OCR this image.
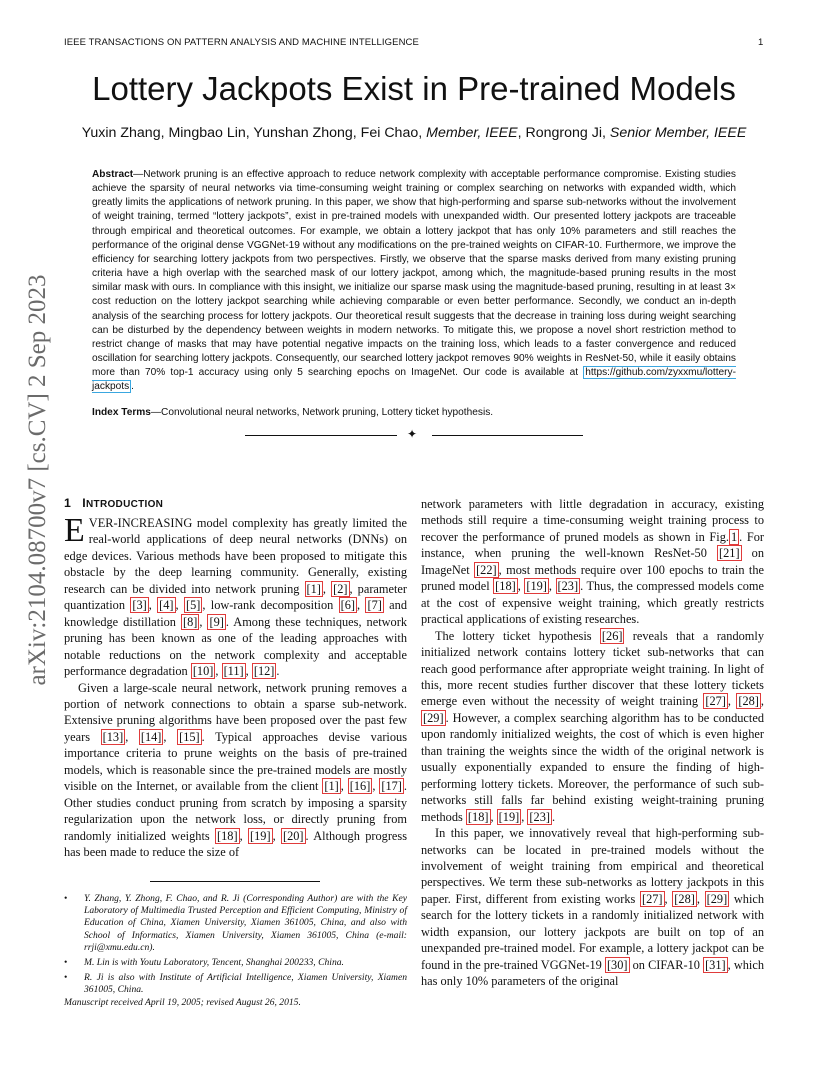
IEEE TRANSACTIONS ON PATTERN ANALYSIS AND MACHINE INTELLIGENCE	1
Lottery Jackpots Exist in Pre-trained Models
Yuxin Zhang, Mingbao Lin, Yunshan Zhong, Fei Chao, Member, IEEE, Rongrong Ji, Senior Member, IEEE
Abstract—Network pruning is an effective approach to reduce network complexity with acceptable performance compromise. Existing studies achieve the sparsity of neural networks via time-consuming weight training or complex searching on networks with expanded width, which greatly limits the applications of network pruning. In this paper, we show that high-performing and sparse sub-networks without the involvement of weight training, termed “lottery jackpots”, exist in pre-trained models with unexpanded width. Our presented lottery jackpots are traceable through empirical and theoretical outcomes. For example, we obtain a lottery jackpot that has only 10% parameters and still reaches the performance of the original dense VGGNet-19 without any modifications on the pre-trained weights on CIFAR-10. Furthermore, we improve the efficiency for searching lottery jackpots from two perspectives. Firstly, we observe that the sparse masks derived from many existing pruning criteria have a high overlap with the searched mask of our lottery jackpot, among which, the magnitude-based pruning results in the most similar mask with ours. In compliance with this insight, we initialize our sparse mask using the magnitude-based pruning, resulting in at least 3× cost reduction on the lottery jackpot searching while achieving comparable or even better performance. Secondly, we conduct an in-depth analysis of the searching process for lottery jackpots. Our theoretical result suggests that the decrease in training loss during weight searching can be disturbed by the dependency between weights in modern networks. To mitigate this, we propose a novel short restriction method to restrict change of masks that may have potential negative impacts on the training loss, which leads to a faster convergence and reduced oscillation for searching lottery jackpots. Consequently, our searched lottery jackpot removes 90% weights in ResNet-50, while it easily obtains more than 70% top-1 accuracy using only 5 searching epochs on ImageNet. Our code is available at https://github.com/zyxxmu/lottery-jackpots .
Index Terms—Convolutional neural networks, Network pruning, Lottery ticket hypothesis.
✦
arXiv:2104.08700v7 [cs.CV] 2 Sep 2023 1 INTRODUCTION

EVER-INCREASING model complexity has greatly limited the real-world applications of deep neural networks (DNNs) on edge devices. Various methods have been proposed to mitigate this obstacle by the deep learning community. Generally, existing research can be divided into network pruning [1] , [2] , parameter quantization [3] , [4] , [5] , low-rank decomposition [6] , [7] and knowledge distillation [8] , [9] . Among these techniques, network pruning has been known as one of the leading approaches with notable reductions on the network complexity and acceptable performance degradation [10] , [11] , [12] .

Given a large-scale neural network, network pruning removes a portion of network connections to obtain a sparse sub-network. Extensive pruning algorithms have been proposed over the past few years [13] , [14] , [15] . Typical approaches devise various importance criteria to prune weights on the basis of pre-trained models, which is reasonable since the pre-trained models are mostly visible on the Internet, or available from the client [1] , [16] , [17] . Other studies conduct pruning from scratch by imposing a sparsity regularization upon the network loss, or directly pruning from randomly initialized weights [18] , [19] , [20] . Although progress has been made to reduce the size of

• Y. Zhang, Y. Zhong, F. Chao, and R. Ji (Corresponding Author) are with the Key Laboratory of Multimedia Trusted Perception and Efficient Computing, Ministry of Education of China, Xiamen University, Xiamen 361005, China, and also with School of Informatics, Xiamen University, Xiamen 361005, China (e-mail: rrji@xmu.edu.cn).
• M. Lin is with Youtu Laboratory, Tencent, Shanghai 200233, China.
• R. Ji is also with Institute of Artificial Intelligence, Xiamen University, Xiamen 361005, China.
Manuscript received April 19, 2005; revised August 26, 2015.

network parameters with little degradation in accuracy, existing methods still require a time-consuming weight training process to recover the performance of pruned models as shown in Fig. 1 . For instance, when pruning the well-known ResNet-50 [21] on ImageNet [22] , most methods require over 100 epochs to train the pruned model [18] , [19] , [23] . Thus, the compressed models come at the cost of expensive weight training, which greatly restricts practical applications of existing researches.

The lottery ticket hypothesis [26] reveals that a randomly initialized network contains lottery ticket sub-networks that can reach good performance after appropriate weight training. In light of this, more recent studies further discover that these lottery tickets emerge even without the necessity of weight training [27] , [28] , [29] . However, a complex searching algorithm has to be conducted upon randomly initialized weights, the cost of which is even higher than training the weights since the width of the original network is usually exponentially expanded to ensure the finding of high-performing lottery tickets. Moreover, the performance of such sub-networks still falls far behind existing weight-training pruning methods [18] , [19] , [23] .

In this paper, we innovatively reveal that high-performing sub-networks can be located in pre-trained models without the involvement of weight training from empirical and theoretical perspectives. We term these sub-networks as lottery jackpots in this paper. First, different from existing works [27] , [28] , [29] which search for the lottery tickets in a randomly initialized network with width expansion, our lottery jackpots are built on top of an unexpanded pre-trained model. For example, a lottery jackpot can be found in the pre-trained VGGNet-19 [30] on CIFAR-10 [31] , which has only 10% parameters of the original
